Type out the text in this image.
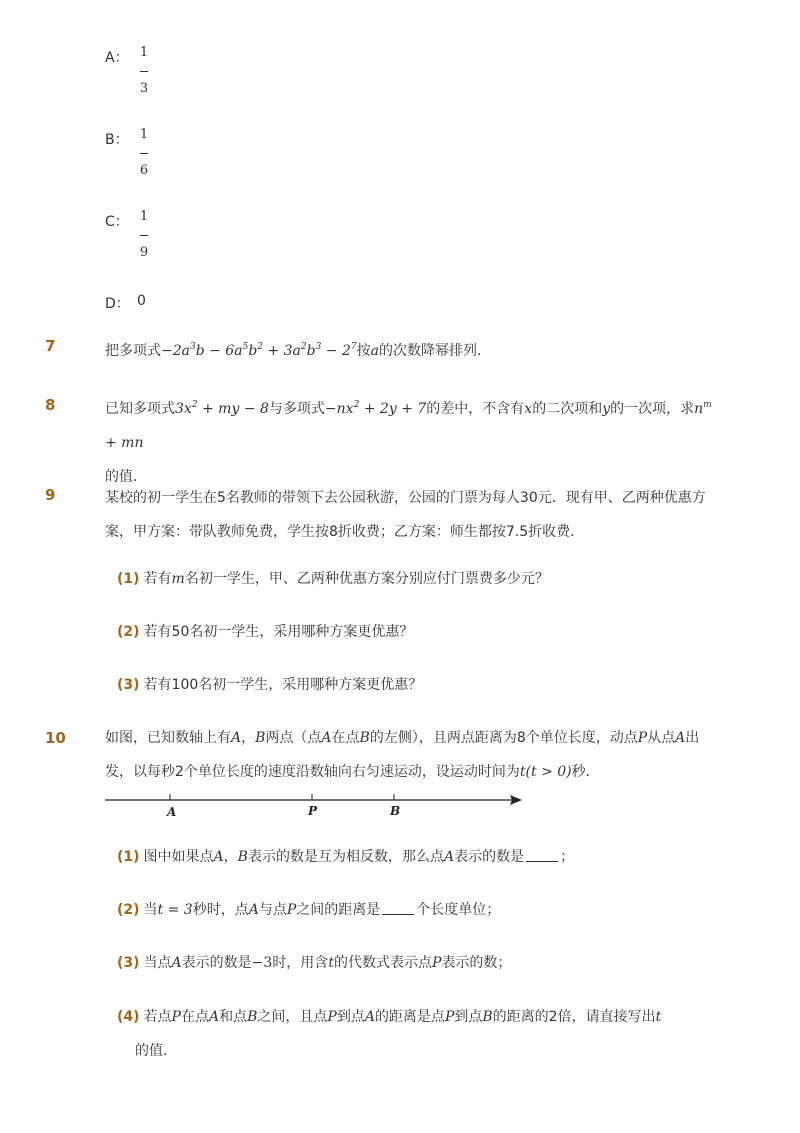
A： 1
3
B： 1
6
C： 1
9
D： 0
7	把多项式$-2a^3b - 6a^5b^2 + 3a^2b^3 - 2^7$按a的次数降幂排列．
8	已知多项式$3x^2$ + my − 8与多项式$-nx^2 + 2y + 7$的差中，不含有x的二次项和y的一次项，求$n^m$ + mn
的值．
9	某校的初一学生在5名教师的带领下去公园秋游，公园的门票为每人30元．现有甲、乙两种优惠方案，甲方案：带队教师免费，学生按8折收费；乙方案：师生都按7.5折收费．
(1) 若有m名初一学生，甲、乙两种优惠方案分别应付门票费多少元？
(2) 若有50名初一学生，采用哪种方案更优惠？
(3) 若有100名初一学生，采用哪种方案更优惠？
10	如图，已知数轴上有A，B两点（点A在点B的左侧），且两点距离为8个单位长度，动点P从点A出
发，以每秒2个单位长度的速度沿数轴向右匀速运动，设运动时间为t(t > 0)秒．
A	P	B
(1) 图中如果点A，B表示的数是互为相反数，那么点A表示的数是	；
(2) 当t = 3秒时，点A与点P之间的距离是	个长度单位；
(3) 当点A表示的数是−3时，用含t的代数式表示点P表示的数；
(4) 若点P在点A和点B之间，且点P到点A的距离是点P到点B的距离的2倍，请直接写出t
的值．
